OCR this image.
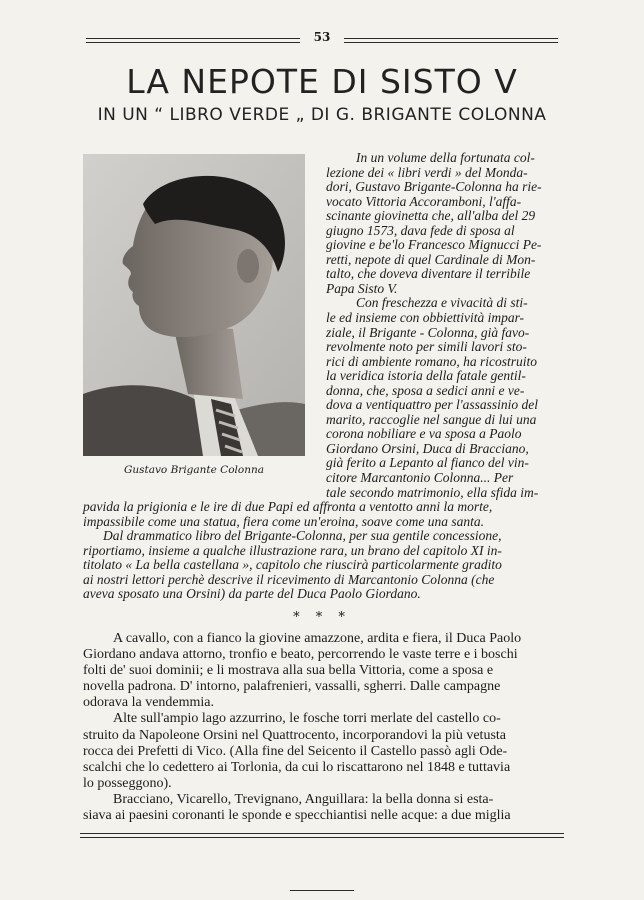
53
LA NEPOTE DI SISTO V
IN UN “ LIBRO VERDE „ DI G. BRIGANTE COLONNA
Gustavo Brigante Colonna
In un volume della fortunata col-
lezione dei « libri verdi » del Monda-
dori, Gustavo Brigante-Colonna ha rie-
vocato Vittoria Accoramboni, l'affa-
scinante giovinetta che, all'alba del 29
giugno 1573, dava fede di sposa al
giovine e be'lo Francesco Mignucci Pe-
retti, nepote di quel Cardinale di Mon-
talto, che doveva diventare il terribile
Papa Sisto V.
Con freschezza e vivacità di sti-
le ed insieme con obbiettività impar-
ziale, il Brigante - Colonna, già favo-
revolmente noto per simili lavori sto-
rici di ambiente romano, ha ricostruito
la veridica istoria della fatale gentil-
donna, che, sposa a sedici anni e ve-
dova a ventiquattro per l'assassinio del
marito, raccoglie nel sangue di lui una
corona nobiliare e va sposa a Paolo
Giordano Orsini, Duca di Bracciano,
già ferito a Lepanto al fianco del vin-
citore Marcantonio Colonna... Per
tale secondo matrimonio, ella sfida im-
pavida la prigionia e le ire di due Papi ed affronta a ventotto anni la morte,
impassibile come una statua, fiera come un'eroina, soave come una santa.
Dal drammatico libro del Brigante-Colonna, per sua gentile concessione,
riportiamo, insieme a qualche illustrazione rara, un brano del capitolo XI in-
titolato « La bella castellana », capitolo che riuscirà particolarmente gradito
ai nostri lettori perchè descrive il ricevimento di Marcantonio Colonna (che
aveva sposato una Orsini) da parte del Duca Paolo Giordano.
* * *
A cavallo, con a fianco la giovine amazzone, ardita e fiera, il Duca Paolo
Giordano andava attorno, tronfio e beato, percorrendo le vaste terre e i boschi
folti de' suoi dominii; e li mostrava alla sua bella Vittoria, come a sposa e
novella padrona. D' intorno, palafrenieri, vassalli, sgherri. Dalle campagne
odorava la vendemmia.
Alte sull'ampio lago azzurrino, le fosche torri merlate del castello co-
struito da Napoleone Orsini nel Quattrocento, incorporandovi la più vetusta
rocca dei Prefetti di Vico. (Alla fine del Seicento il Castello passò agli Ode-
scalchi che lo cedettero ai Torlonia, da cui lo riscattarono nel 1848 e tuttavia
lo posseggono).
Bracciano, Vicarello, Trevignano, Anguillara: la bella donna si esta-
siava ai paesini coronanti le sponde e specchiantisi nelle acque: a due miglia
